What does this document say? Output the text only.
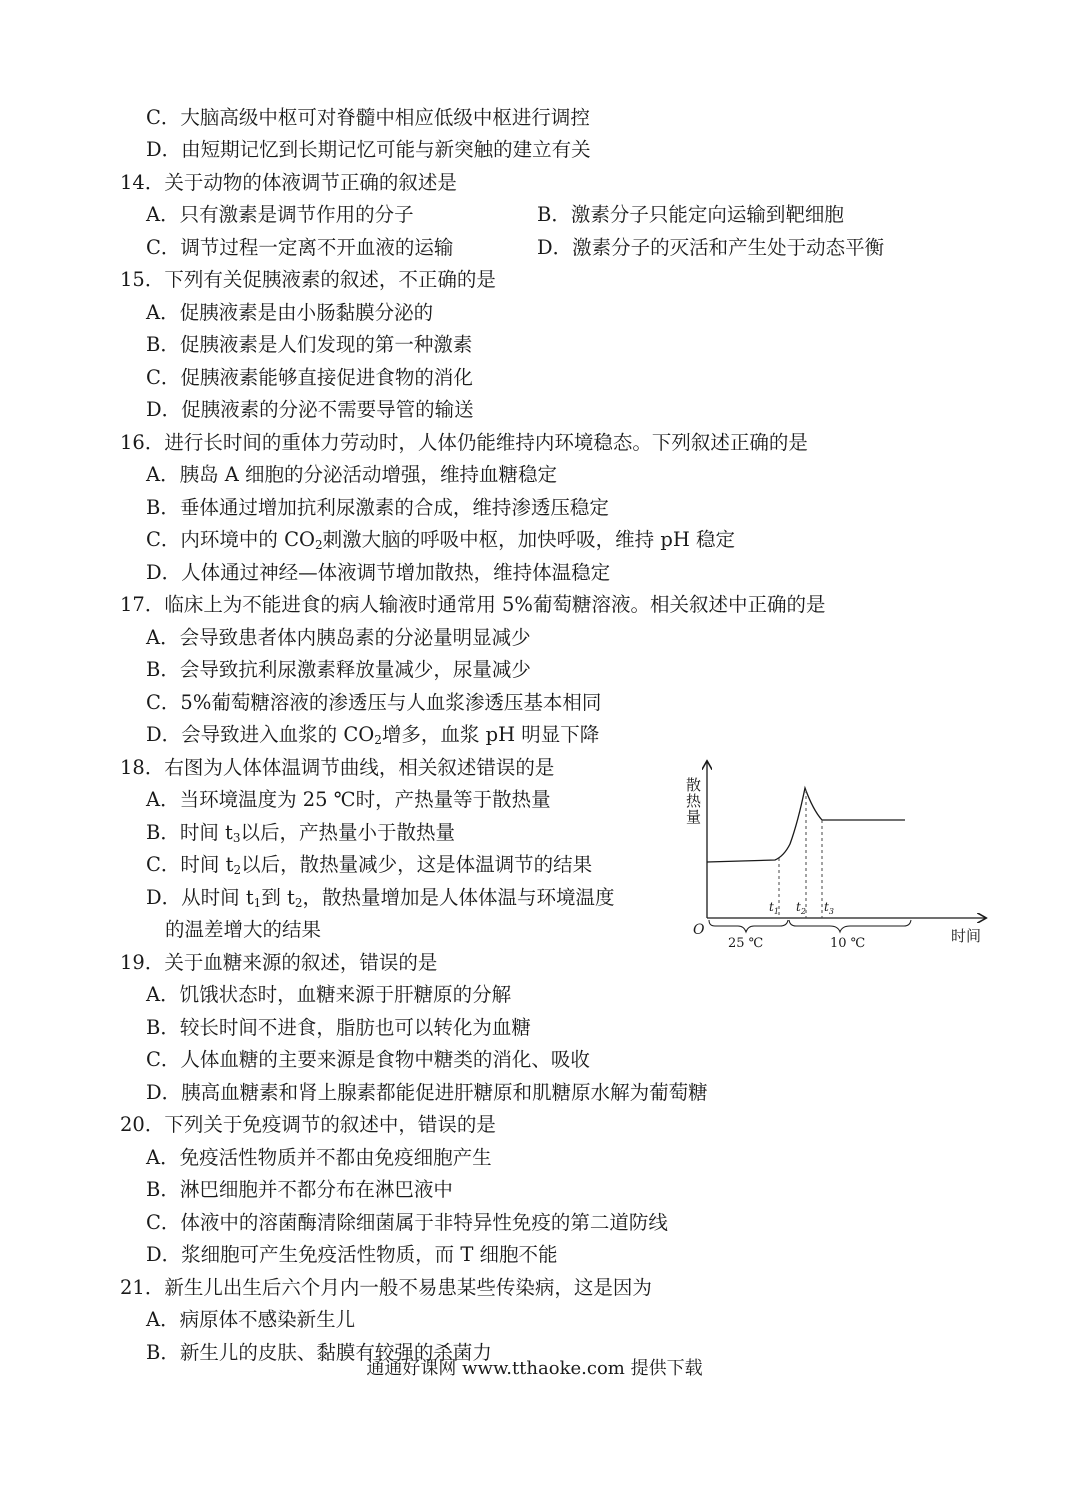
C．大脑高级中枢可对脊髓中相应低级中枢进行调控
D．由短期记忆到长期记忆可能与新突触的建立有关
14．关于动物的体液调节正确的叙述是
A．只有激素是调节作用的分子	B．激素分子只能定向运输到靶细胞
C．调节过程一定离不开血液的运输	D．激素分子的灭活和产生处于动态平衡
15．下列有关促胰液素的叙述，不正确的是
A．促胰液素是由小肠黏膜分泌的
B．促胰液素是人们发现的第一种激素
C．促胰液素能够直接促进食物的消化
D．促胰液素的分泌不需要导管的输送
16．进行长时间的重体力劳动时，人体仍能维持内环境稳态。下列叙述正确的是
A．胰岛 A 细胞的分泌活动增强，维持血糖稳定
B．垂体通过增加抗利尿激素的合成，维持渗透压稳定
C．内环境中的 $CO_2$刺激大脑的呼吸中枢，加快呼吸，维持 pH 稳定
D．人体通过神经—体液调节增加散热，维持体温稳定
17．临床上为不能进食的病人输液时通常用 5%葡萄糖溶液。相关叙述中正确的是
A．会导致患者体内胰岛素的分泌量明显减少
B．会导致抗利尿激素释放量减少，尿量减少
C．5%葡萄糖溶液的渗透压与人血浆渗透压基本相同
D．会导致进入血浆的 $CO_2$增多，血浆 pH 明显下降
18．右图为人体体温调节曲线，相关叙述错误的是
A．当环境温度为 25 ℃时，产热量等于散热量
B．时间 $t_3$以后，产热量小于散热量
C．时间 $t_2$以后，散热量减少，这是体温调节的结果
D．从时间 $t_1$到 $t_2$，散热量增加是人体体温与环境温度
的温差增大的结果
19．关于血糖来源的叙述，错误的是
A．饥饿状态时，血糖来源于肝糖原的分解
B．较长时间不进食，脂肪也可以转化为血糖
C．人体血糖的主要来源是食物中糖类的消化、吸收
D．胰高血糖素和肾上腺素都能促进肝糖原和肌糖原水解为葡萄糖
20．下列关于免疫调节的叙述中，错误的是
A．免疫活性物质并不都由免疫细胞产生
B．淋巴细胞并不都分布在淋巴液中
C．体液中的溶菌酶清除细菌属于非特异性免疫的第二道防线
D．浆细胞可产生免疫活性物质，而 T 细胞不能
21．新生儿出生后六个月内一般不易患某些传染病，这是因为
A．病原体不感染新生儿
B．新生儿的皮肤、黏膜有较强的杀菌力
散
热
量
O	时间
$t_1$ $t_2$ $t_3$
25 ℃	10 ℃
通通好课网 www.tthaoke.com 提供下载
